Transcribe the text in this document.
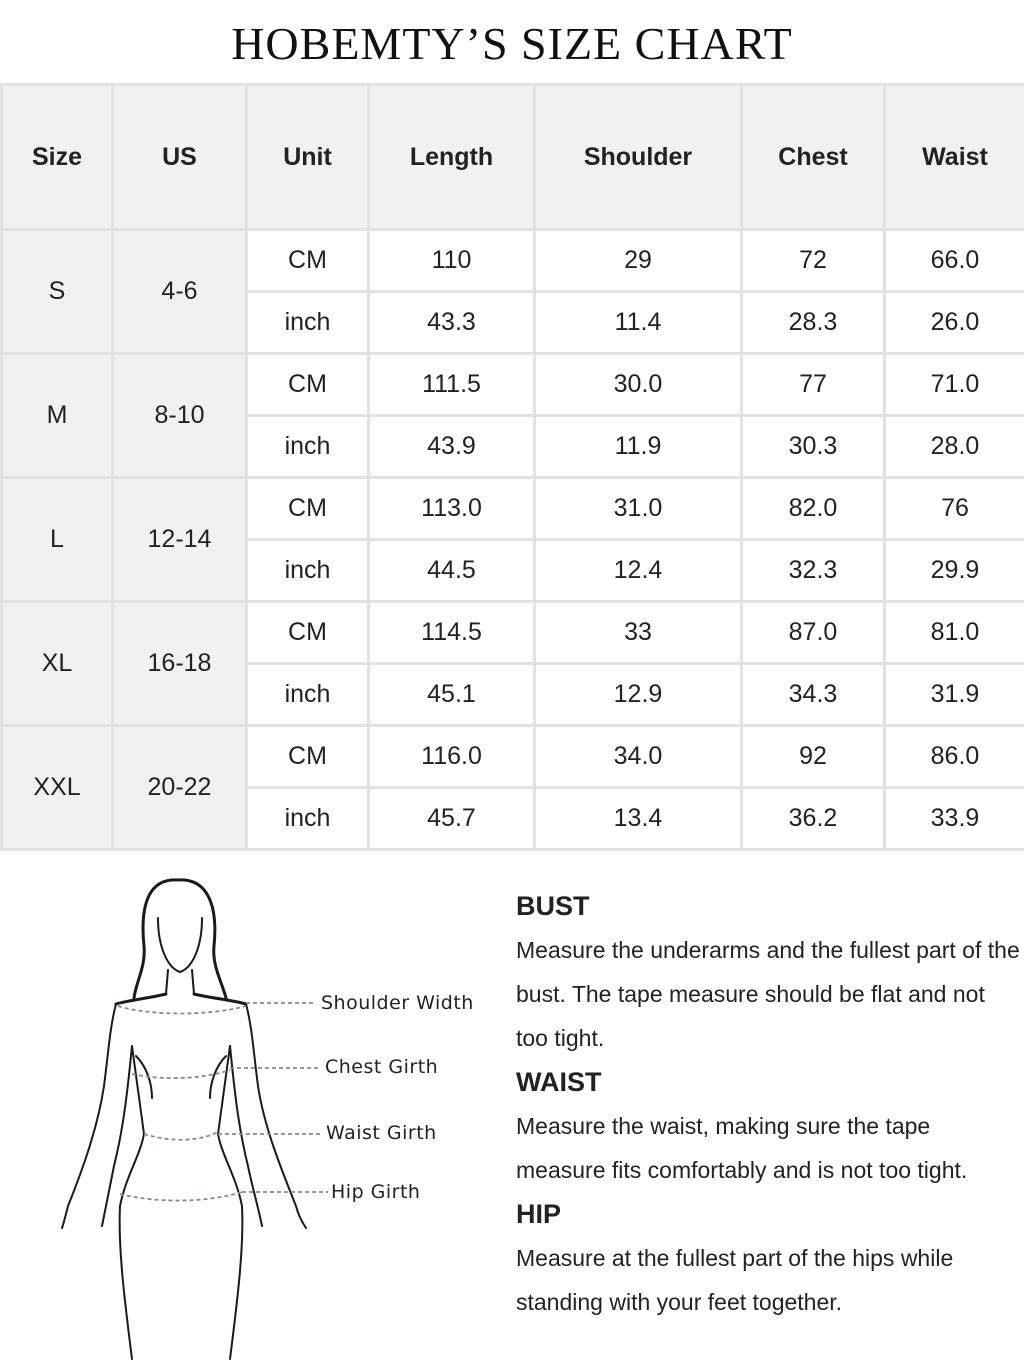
HOBEMTY’S SIZE CHART
Size	US	Unit	Length	Shoulder	Chest	Waist
S	4-6	CM	110	29	72	66.0
		inch	43.3	11.4	28.3	26.0
M	8-10	CM	111.5	30.0	77	71.0
		inch	43.9	11.9	30.3	28.0
L	12-14	CM	113.0	31.0	82.0	76
		inch	44.5	12.4	32.3	29.9
XL	16-18	CM	114.5	33	87.0	81.0
		inch	45.1	12.9	34.3	31.9
XXL	20-22	CM	116.0	34.0	92	86.0
		inch	45.7	13.4	36.2	33.9
Shoulder Width
Chest Girth
Waist Girth
Hip Girth
BUST
Measure the underarms and the fullest part of the bust. The tape measure should be flat and not too tight.
WAIST
Measure the waist, making sure the tape measure fits comfortably and is not too tight.
HIP
Measure at the fullest part of the hips while standing with your feet together.
